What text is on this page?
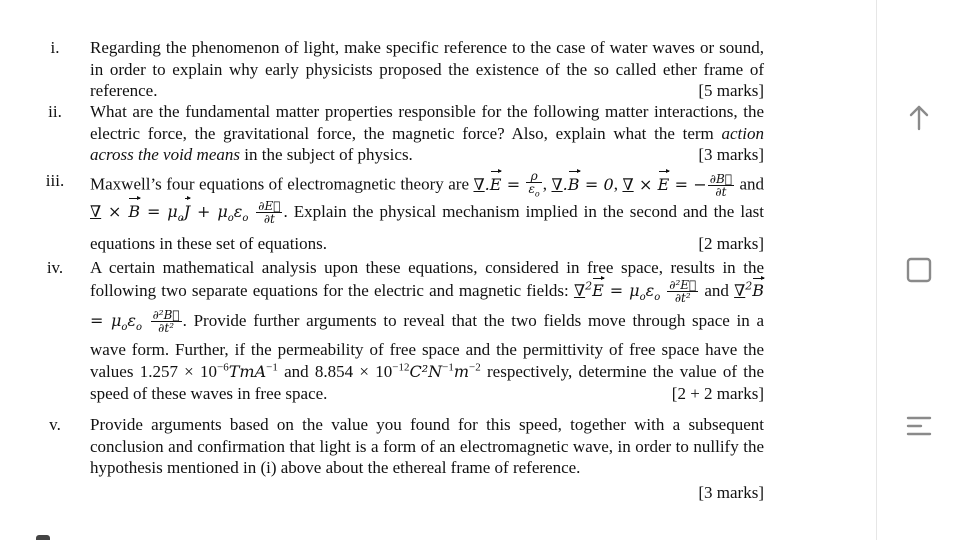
i.	Regarding the phenomenon of light, make specific reference to the case of water waves or sound, in order to explain why early physicists proposed the existence of the so called ether frame of reference.	[5 marks]
ii.	What are the fundamental matter properties responsible for the following matter interactions, the electric force, the gravitational force, the magnetic force? Also, explain what the term action across the void means in the subject of physics.	[3 marks]
iii.	Maxwell’s four equations of electromagnetic theory are $\nabla.E = \frac{\rho}{\varepsilon_o}$ , ∇.B = 0, ∇ × E = − $\frac{\partial B⃗}{\partial t}$ and ∇ × $B = \mu_oJ + \mu_o\varepsilon_o \frac{\partial E⃗}{\partial t}$ . Explain the physical mechanism implied in the second and the last equations in these set of equations.	[2 marks]
iv.	A certain mathematical analysis upon these equations, considered in free space, results in the following two separate equations for the electric and magnetic fields: $\nabla^2E = \mu_o\varepsilon_o \frac{\text{∂²E⃗}}{\text{∂t²}}$ and $\nabla^2B = \mu_o\varepsilon_o \frac{\text{∂²B⃗}}{\text{∂t²}}$ . Provide further arguments to reveal that the two fields move through space in a wave form. Further, if the permeability of free space and the permittivity of free space have the values $1.257 \times 10^{-6}TmA^{-1}$ and $8.854 \times 10^{-12}C^2N^{-1}m^{-2}$ respectively, determine the value of the speed of these waves in free space.	[2 + 2 marks]
v.	Provide arguments based on the value you found for this speed, together with a subsequent conclusion and confirmation that light is a form of an electromagnetic wave, in order to nullify the hypothesis mentioned in (i) above about the ethereal frame of reference.
[3 marks]
